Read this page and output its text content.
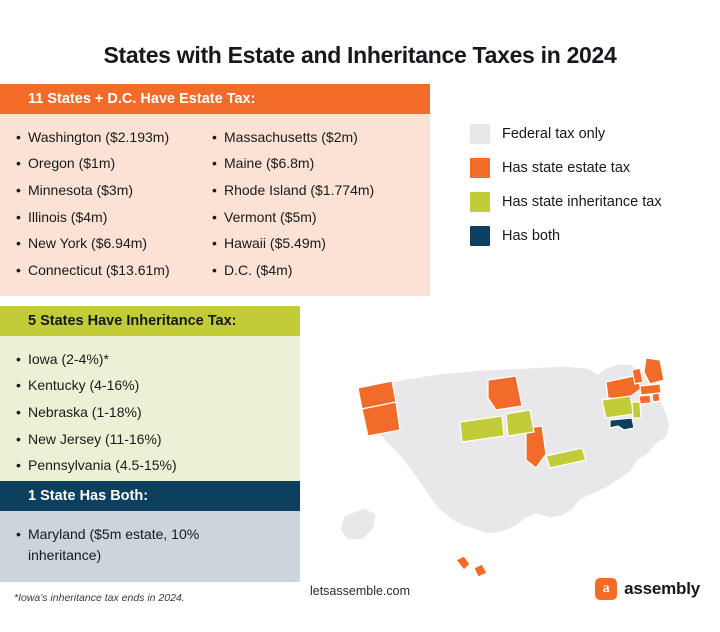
States with Estate and Inheritance Taxes in 2024
11 States + D.C. Have Estate Tax:
• Washington ($2.193m)
• Oregon ($1m)
• Minnesota ($3m)
• Illinois ($4m)
• New York ($6.94m)
• Connecticut ($13.61m)
• Massachusetts ($2m)
• Maine ($6.8m)
• Rhode Island ($1.774m)
• Vermont ($5m)
• Hawaii ($5.49m)
• D.C. ($4m)
5 States Have Inheritance Tax:
• Iowa (2-4%)*
• Kentucky (4-16%)
• Nebraska (1-18%)
• New Jersey (11-16%)
• Pennsylvania (4.5-15%)
1 State Has Both:
• Maryland ($5m estate, 10% inheritance)
Federal tax only
Has state estate tax
Has state inheritance tax
Has both
*Iowa's inheritance tax ends in 2024.	letsassemble.com	a assembly
